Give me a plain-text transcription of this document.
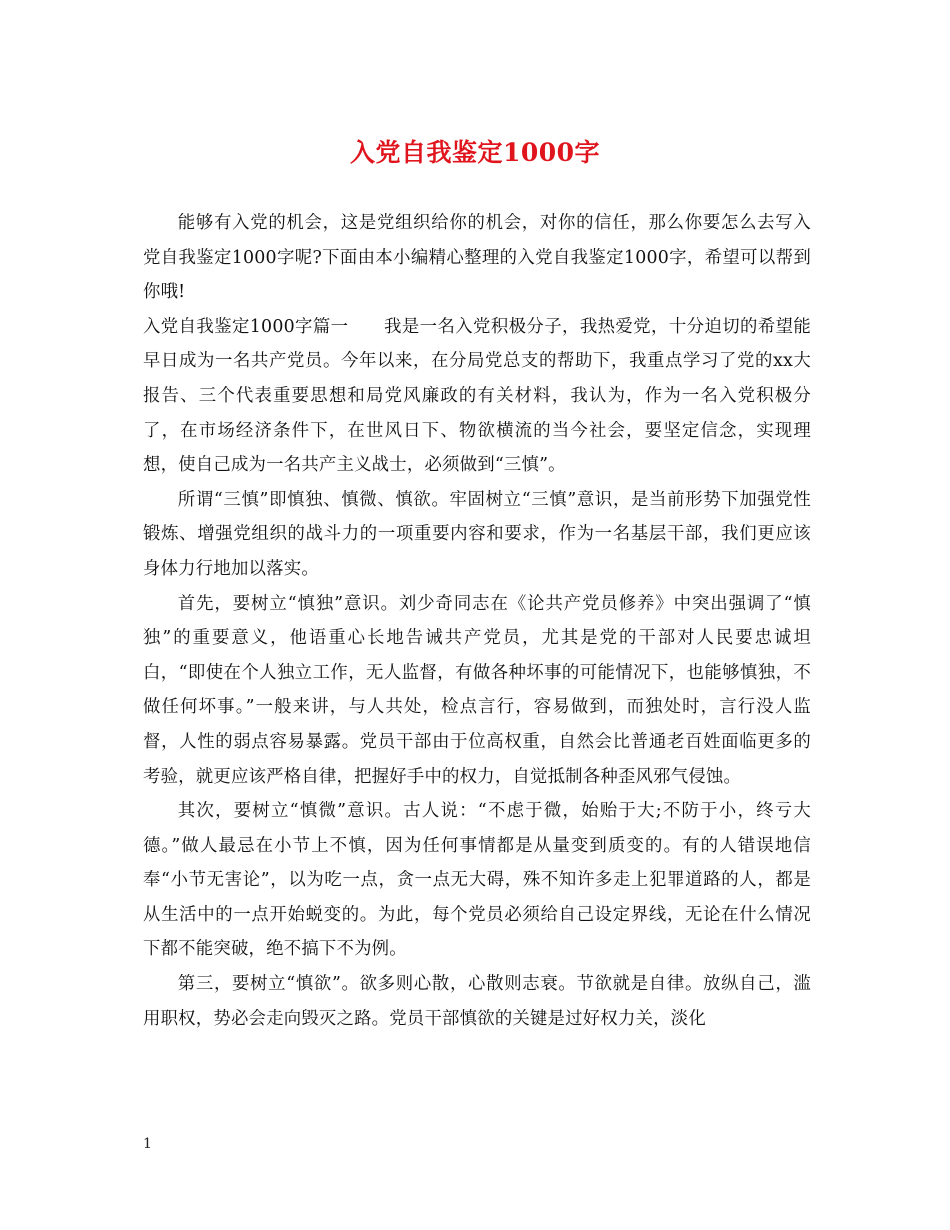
入党自我鉴定1000字

能够有入党的机会，这是党组织给你的机会，对你的信任，那么你要怎么去写入党自我鉴定1000字呢?下面由本小编精心整理的入党自我鉴定1000字，希望可以帮到你哦!

入党自我鉴定1000字篇一　　我是一名入党积极分子，我热爱党，十分迫切的希望能早日成为一名共产党员。今年以来，在分局党总支的帮助下，我重点学习了党的xx大报告、三个代表重要思想和局党风廉政的有关材料，我认为，作为一名入党积极分了，在市场经济条件下，在世风日下、物欲横流的当今社会，要坚定信念，实现理想，使自己成为一名共产主义战士，必须做到“三慎”。

所谓“三慎”即慎独、慎微、慎欲。牢固树立“三慎”意识，是当前形势下加强党性锻炼、增强党组织的战斗力的一项重要内容和要求，作为一名基层干部，我们更应该身体力行地加以落实。

首先，要树立“慎独”意识。刘少奇同志在《论共产党员修养》中突出强调了“慎独”的重要意义，他语重心长地告诫共产党员，尤其是党的干部对人民要忠诚坦白，“即使在个人独立工作，无人监督，有做各种坏事的可能情况下，也能够慎独，不做任何坏事。”一般来讲，与人共处，检点言行，容易做到，而独处时，言行没人监督，人性的弱点容易暴露。党员干部由于位高权重，自然会比普通老百姓面临更多的考验，就更应该严格自律，把握好手中的权力，自觉抵制各种歪风邪气侵蚀。

其次，要树立“慎微”意识。古人说：“不虑于微，始贻于大;不防于小，终亏大德。”做人最忌在小节上不慎，因为任何事情都是从量变到质变的。有的人错误地信奉“小节无害论”，以为吃一点，贪一点无大碍，殊不知许多走上犯罪道路的人，都是从生活中的一点开始蜕变的。为此，每个党员必须给自己设定界线，无论在什么情况下都不能突破，绝不搞下不为例。

第三，要树立“慎欲”。欲多则心散，心散则志衰。节欲就是自律。放纵自己，滥用职权，势必会走向毁灭之路。党员干部慎欲的关键是过好权力关，淡化

1
